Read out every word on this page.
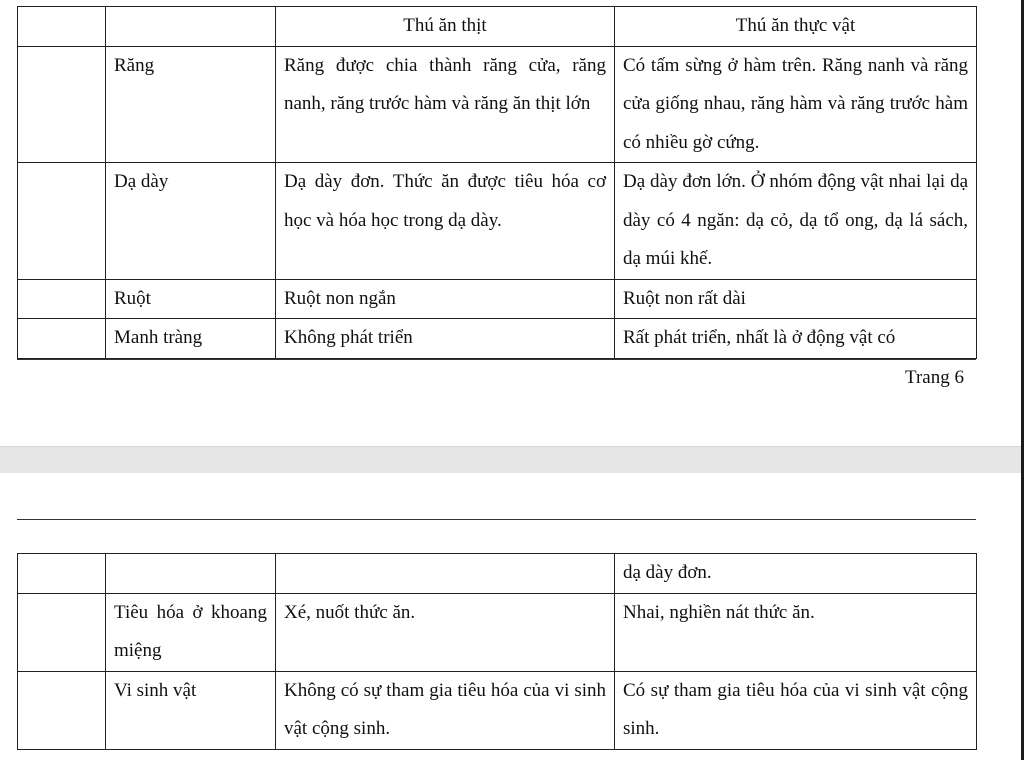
		Thú ăn thịt	Thú ăn thực vật
	Răng	Răng được chia thành răng cửa, răng nanh, răng trước hàm và răng ăn thịt lớn	Có tấm sừng ở hàm trên. Răng nanh và răng cửa giống nhau, răng hàm và răng trước hàm có nhiều gờ cứng.
	Dạ dày	Dạ dày đơn. Thức ăn được tiêu hóa cơ học và hóa học trong dạ dày.	Dạ dày đơn lớn. Ở nhóm động vật nhai lại dạ dày có 4 ngăn: dạ cỏ, dạ tổ ong, dạ lá sách, dạ múi khế.
	Ruột	Ruột non ngắn	Ruột non rất dài
	Manh tràng	Không phát triển	Rất phát triển, nhất là ở động vật có
Trang 6
			dạ dày đơn.
	Tiêu hóa ở khoang miệng	Xé, nuốt thức ăn.	Nhai, nghiền nát thức ăn.
	Vi sinh vật	Không có sự tham gia tiêu hóa của vi sinh vật cộng sinh.	Có sự tham gia tiêu hóa của vi sinh vật cộng sinh.
